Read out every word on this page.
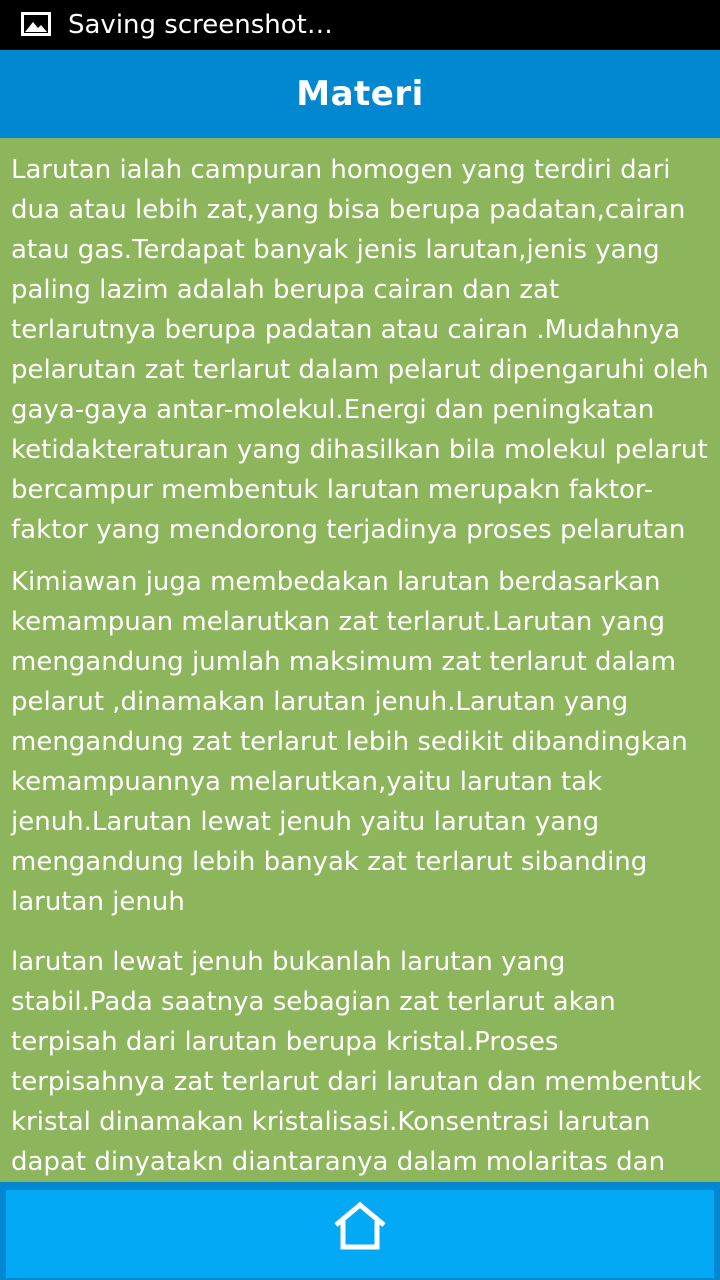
Saving screenshot…
Materi

Larutan ialah campuran homogen yang terdiri dari dua atau lebih zat,yang bisa berupa padatan,cairan atau gas.Terdapat banyak jenis larutan,jenis yang paling lazim adalah berupa cairan dan zat terlarutnya berupa padatan atau cairan .Mudahnya pelarutan zat terlarut dalam pelarut dipengaruhi oleh gaya-gaya antar-molekul.Energi dan peningkatan ketidakteraturan yang dihasilkan bila molekul pelarut bercampur membentuk larutan merupakn faktor-faktor yang mendorong terjadinya proses pelarutan

Kimiawan juga membedakan larutan berdasarkan kemampuan melarutkan zat terlarut.Larutan yang mengandung jumlah maksimum zat terlarut dalam pelarut ,dinamakan larutan jenuh.Larutan yang mengandung zat terlarut lebih sedikit dibandingkan kemampuannya melarutkan,yaitu larutan tak jenuh.Larutan lewat jenuh yaitu larutan yang mengandung lebih banyak zat terlarut sibanding larutan jenuh

larutan lewat jenuh bukanlah larutan yang stabil.Pada saatnya sebagian zat terlarut akan terpisah dari larutan berupa kristal.Proses terpisahnya zat terlarut dari larutan dan membentuk kristal dinamakan kristalisasi.Konsentrasi larutan dapat dinyatakn diantaranya dalam molaritas dan
